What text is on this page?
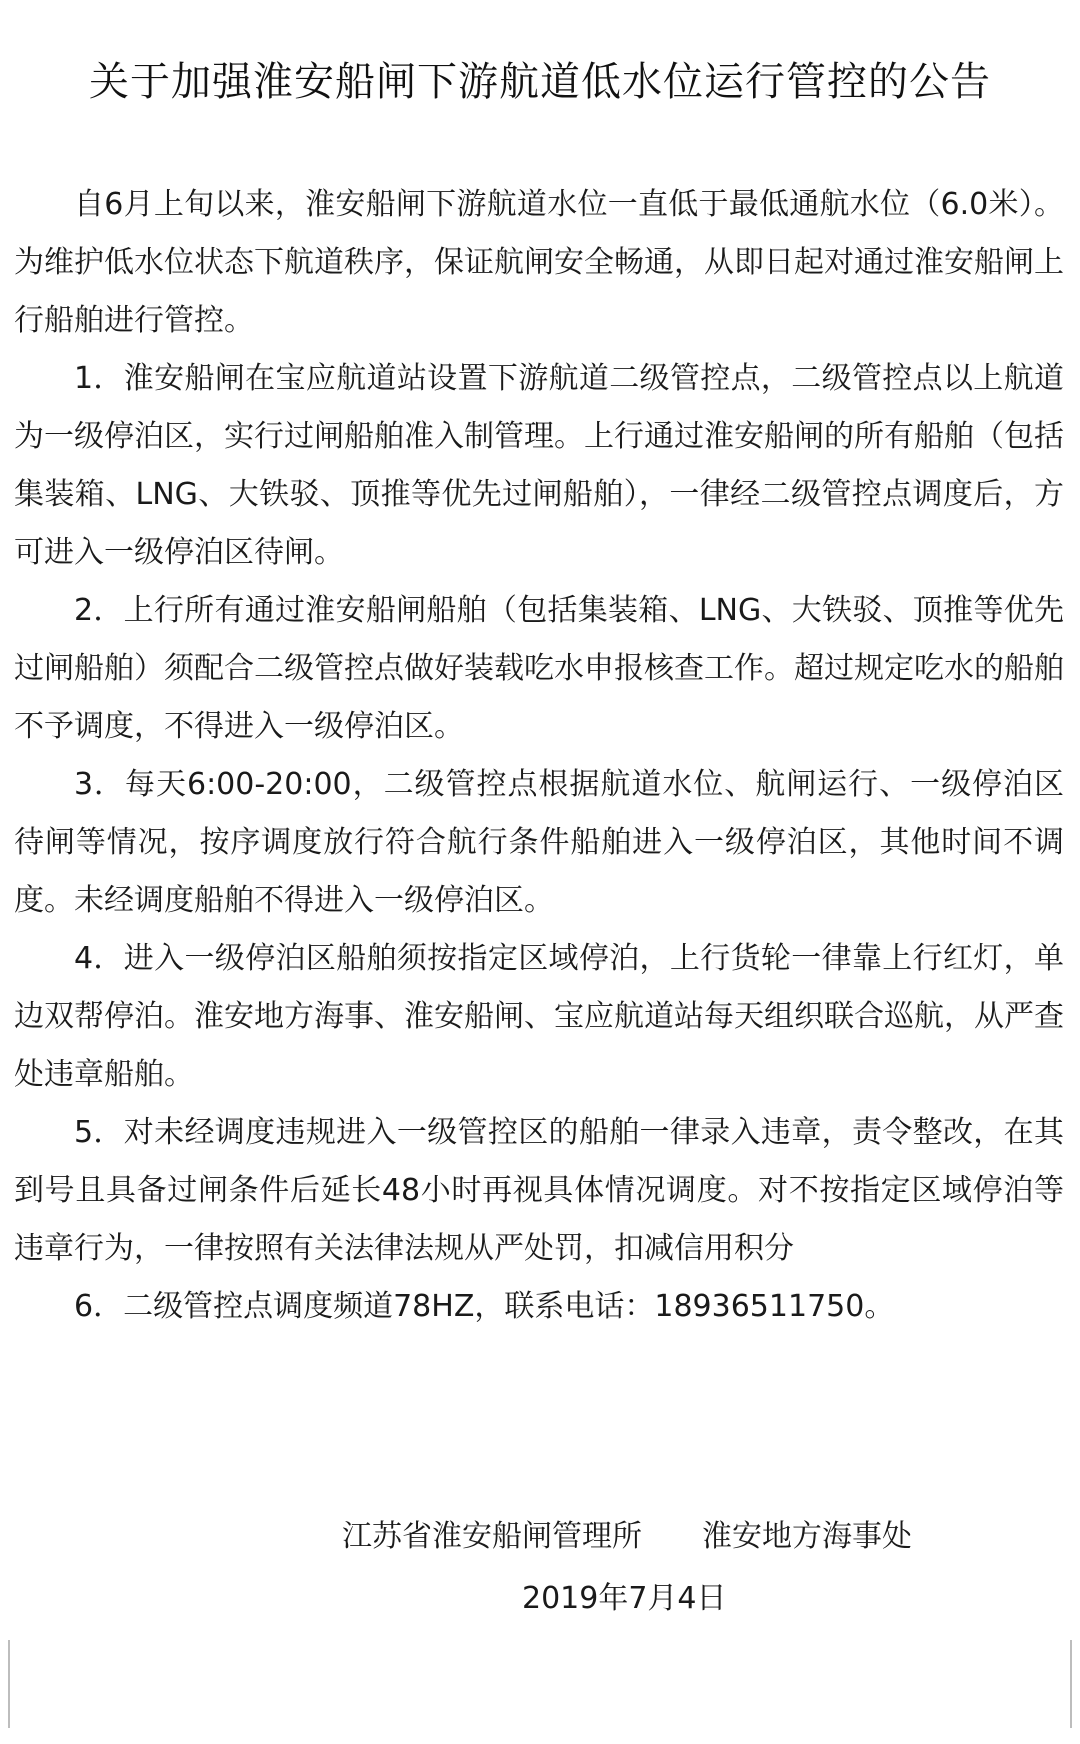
关于加强淮安船闸下游航道低水位运行管控的公告

自6月上旬以来，淮安船闸下游航道水位一直低于最低通航水位（6.0米）。为维护低水位状态下航道秩序，保证航闸安全畅通，从即日起对通过淮安船闸上行船舶进行管控。

1．淮安船闸在宝应航道站设置下游航道二级管控点，二级管控点以上航道为一级停泊区，实行过闸船舶准入制管理。上行通过淮安船闸的所有船舶（包括集装箱、LNG、大铁驳、顶推等优先过闸船舶），一律经二级管控点调度后，方可进入一级停泊区待闸。

2．上行所有通过淮安船闸船舶（包括集装箱、LNG、大铁驳、顶推等优先过闸船舶）须配合二级管控点做好装载吃水申报核查工作。超过规定吃水的船舶不予调度，不得进入一级停泊区。

3．每天6:00-20:00，二级管控点根据航道水位、航闸运行、一级停泊区待闸等情况，按序调度放行符合航行条件船舶进入一级停泊区，其他时间不调度。未经调度船舶不得进入一级停泊区。

4．进入一级停泊区船舶须按指定区域停泊，上行货轮一律靠上行红灯，单边双帮停泊。淮安地方海事、淮安船闸、宝应航道站每天组织联合巡航，从严查处违章船舶。

5．对未经调度违规进入一级管控区的船舶一律录入违章，责令整改，在其到号且具备过闸条件后延长48小时再视具体情况调度。对不按指定区域停泊等违章行为，一律按照有关法律法规从严处罚，扣减信用积分

6．二级管控点调度频道78HZ，联系电话：18936511750。

江苏省淮安船闸管理所 淮安地方海事处
2019年7月4日
